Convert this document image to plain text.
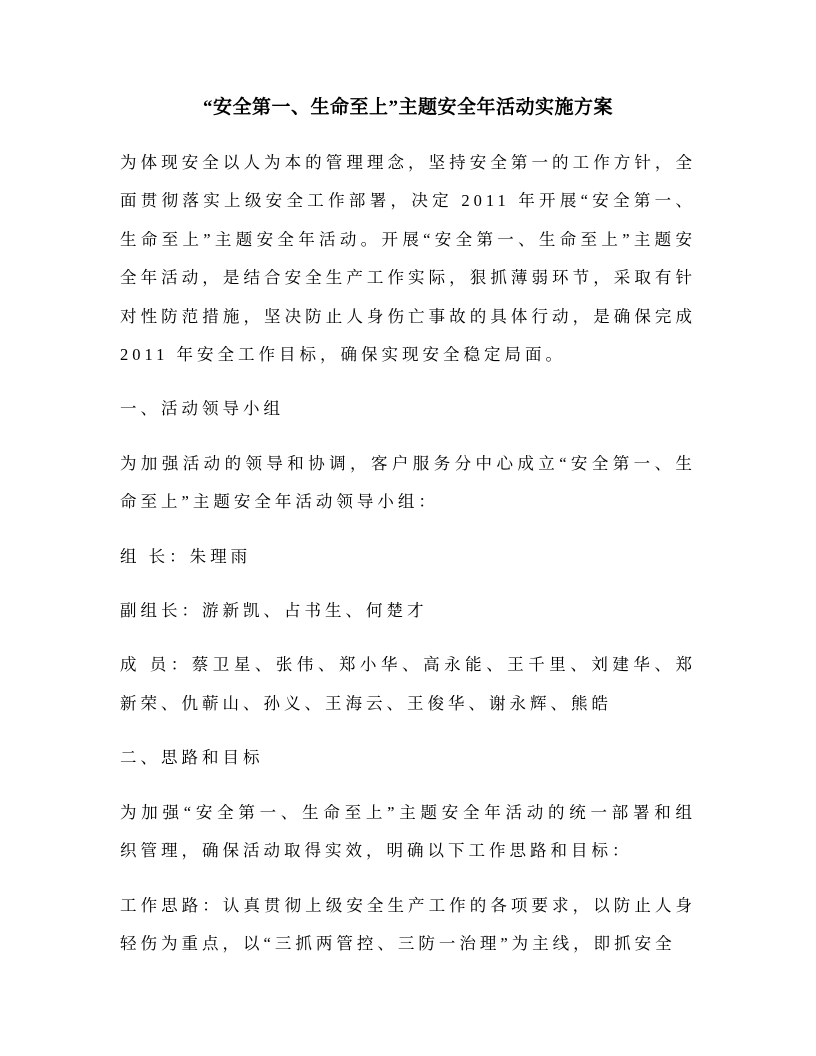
“安全第一、生命至上”主题安全年活动实施方案

为体现安全以人为本的管理理念，坚持安全第一的工作方针，全面贯彻落实上级安全工作部署，决定 2011 年开展“安全第一、生命至上”主题安全年活动。开展“安全第一、生命至上”主题安全年活动，是结合安全生产工作实际，狠抓薄弱环节，采取有针对性防范措施，坚决防止人身伤亡事故的具体行动，是确保完成 2011 年安全工作目标，确保实现安全稳定局面。

一、活动领导小组

为加强活动的领导和协调，客户服务分中心成立“安全第一、生命至上”主题安全年活动领导小组：

组 长：朱理雨

副组长：游新凯、占书生、何楚才

成 员：蔡卫星、张伟、郑小华、高永能、王千里、刘建华、郑新荣、仇蕲山、孙义、王海云、王俊华、谢永辉、熊皓

二、思路和目标

为加强“安全第一、生命至上”主题安全年活动的统一部署和组织管理，确保活动取得实效，明确以下工作思路和目标：

工作思路：认真贯彻上级安全生产工作的各项要求，以防止人身轻伤为重点，以“三抓两管控、三防一治理”为主线，即抓安全
